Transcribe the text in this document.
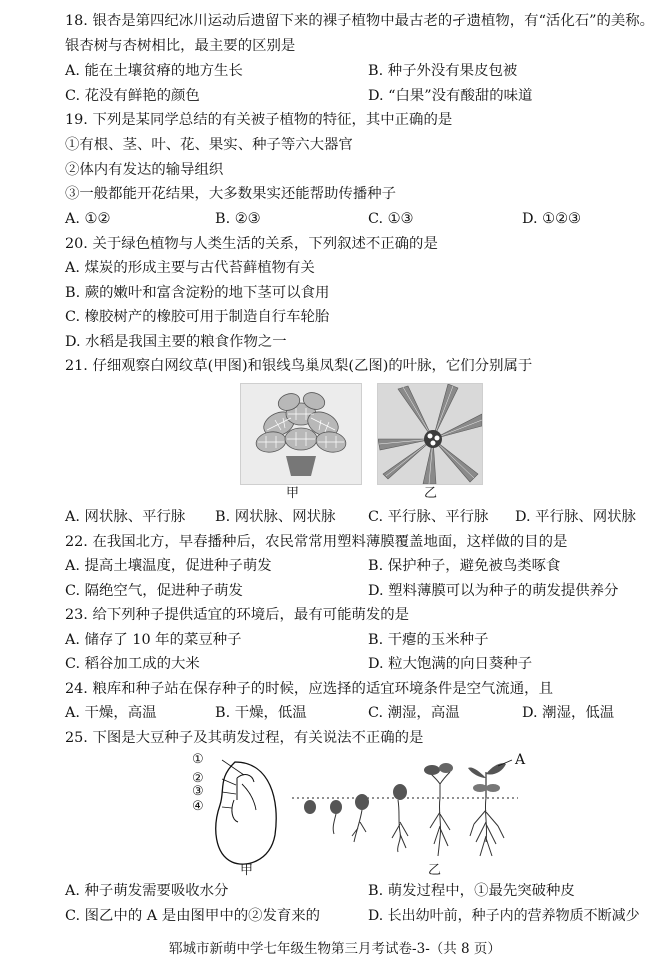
18. 银杏是第四纪冰川运动后遗留下来的裸子植物中最古老的孑遗植物，有“活化石”的美称。
银杏树与杏树相比，最主要的区别是
A. 能在土壤贫瘠的地方生长	B. 种子外没有果皮包被
C. 花没有鲜艳的颜色	D. “白果”没有酸甜的味道
19. 下列是某同学总结的有关被子植物的特征，其中正确的是
①有根、茎、叶、花、果实、种子等六大器官
②体内有发达的输导组织
③一般都能开花结果，大多数果实还能帮助传播种子
A. ①②	B. ②③	C. ①③	D. ①②③
20. 关于绿色植物与人类生活的关系，下列叙述不正确的是
A. 煤炭的形成主要与古代苔藓植物有关
B. 蕨的嫩叶和富含淀粉的地下茎可以食用
C. 橡胶树产的橡胶可用于制造自行车轮胎
D. 水稻是我国主要的粮食作物之一
21. 仔细观察白网纹草(甲图)和银线鸟巢凤梨(乙图)的叶脉，它们分别属于
甲	乙
A. 网状脉、平行脉 B. 网状脉、网状脉 C. 平行脉、平行脉 D. 平行脉、网状脉
22. 在我国北方，早春播种后，农民常常用塑料薄膜覆盖地面，这样做的目的是
A. 提高土壤温度，促进种子萌发	B. 保护种子，避免被鸟类啄食
C. 隔绝空气，促进种子萌发	D. 塑料薄膜可以为种子的萌发提供养分
23. 给下列种子提供适宜的环境后，最有可能萌发的是
A. 储存了 10 年的菜豆种子	B. 干瘪的玉米种子
C. 稻谷加工成的大米	D. 粒大饱满的向日葵种子
24. 粮库和种子站在保存种子的时候，应选择的适宜环境条件是空气流通，且
A. 干燥，高温	B. 干燥，低温	C. 潮湿，高温	D. 潮湿，低温
25. 下图是大豆种子及其萌发过程，有关说法不正确的是
①
②
③
④
甲
A
乙
A. 种子萌发需要吸收水分	B. 萌发过程中，①最先突破种皮
C. 图乙中的 A 是由图甲中的②发育来的	D. 长出幼叶前，种子内的营养物质不断减少
郓城市新萌中学七年级生物第三月考试卷-3-（共 8 页）
